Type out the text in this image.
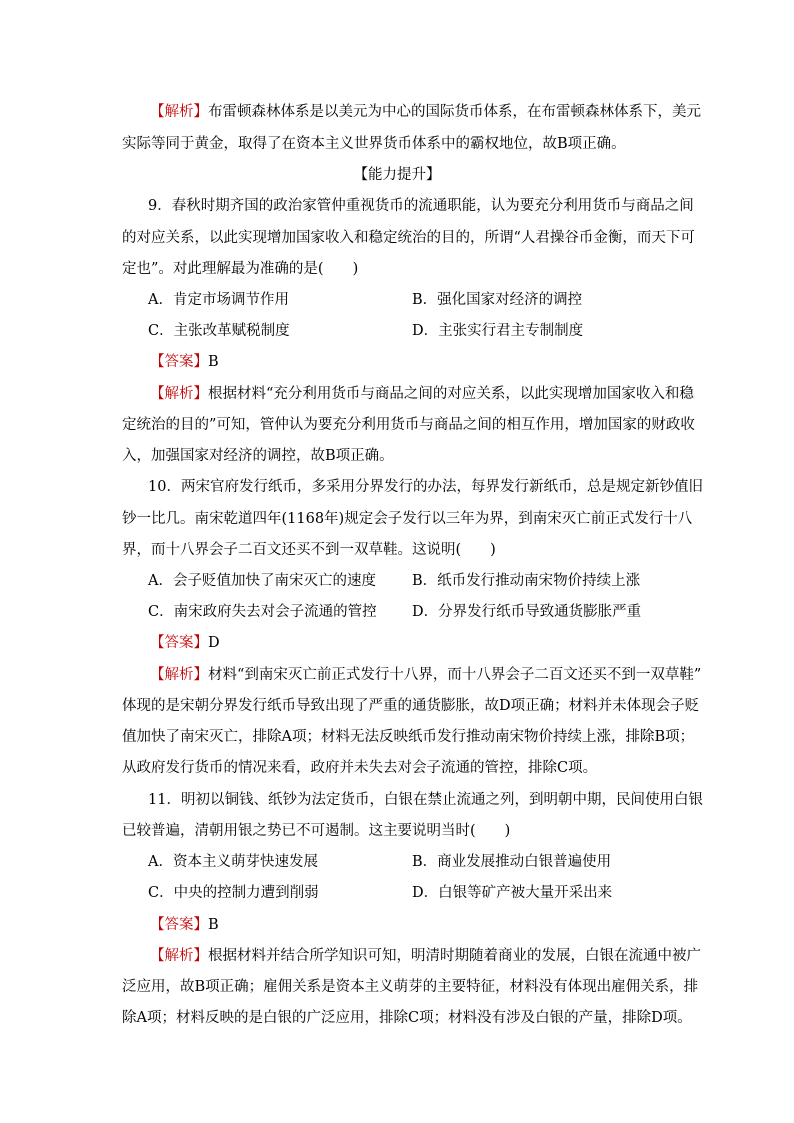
【解析】布雷顿森林体系是以美元为中心的国际货币体系，在布雷顿森林体系下，美元
实际等同于黄金，取得了在资本主义世界货币体系中的霸权地位，故B项正确。
【能力提升】
9．春秋时期齐国的政治家管仲重视货币的流通职能，认为要充分利用货币与商品之间
的对应关系，以此实现增加国家收入和稳定统治的目的，所谓“人君操谷币金衡，而天下可
定也”。对此理解最为准确的是(　　)
A．肯定市场调节作用	B．强化国家对经济的调控
C．主张改革赋税制度	D．主张实行君主专制制度
【答案】B
【解析】根据材料“充分利用货币与商品之间的对应关系，以此实现增加国家收入和稳
定统治的目的”可知，管仲认为要充分利用货币与商品之间的相互作用，增加国家的财政收
入，加强国家对经济的调控，故B项正确。
10．两宋官府发行纸币，多采用分界发行的办法，每界发行新纸币，总是规定新钞值旧
钞一比几。南宋乾道四年(1168年)规定会子发行以三年为界，到南宋灭亡前正式发行十八
界，而十八界会子二百文还买不到一双草鞋。这说明(　　)
A．会子贬值加快了南宋灭亡的速度	B．纸币发行推动南宋物价持续上涨
C．南宋政府失去对会子流通的管控	D．分界发行纸币导致通货膨胀严重
【答案】D
【解析】材料“到南宋灭亡前正式发行十八界，而十八界会子二百文还买不到一双草鞋”
体现的是宋朝分界发行纸币导致出现了严重的通货膨胀，故D项正确；材料并未体现会子贬
值加快了南宋灭亡，排除A项；材料无法反映纸币发行推动南宋物价持续上涨，排除B项；
从政府发行货币的情况来看，政府并未失去对会子流通的管控，排除C项。
11．明初以铜钱、纸钞为法定货币，白银在禁止流通之列，到明朝中期，民间使用白银
已较普遍，清朝用银之势已不可遏制。这主要说明当时(　　)
A．资本主义萌芽快速发展	B．商业发展推动白银普遍使用
C．中央的控制力遭到削弱	D．白银等矿产被大量开采出来
【答案】B
【解析】根据材料并结合所学知识可知，明清时期随着商业的发展，白银在流通中被广
泛应用，故B项正确；雇佣关系是资本主义萌芽的主要特征，材料没有体现出雇佣关系，排
除A项；材料反映的是白银的广泛应用，排除C项；材料没有涉及白银的产量，排除D项。
